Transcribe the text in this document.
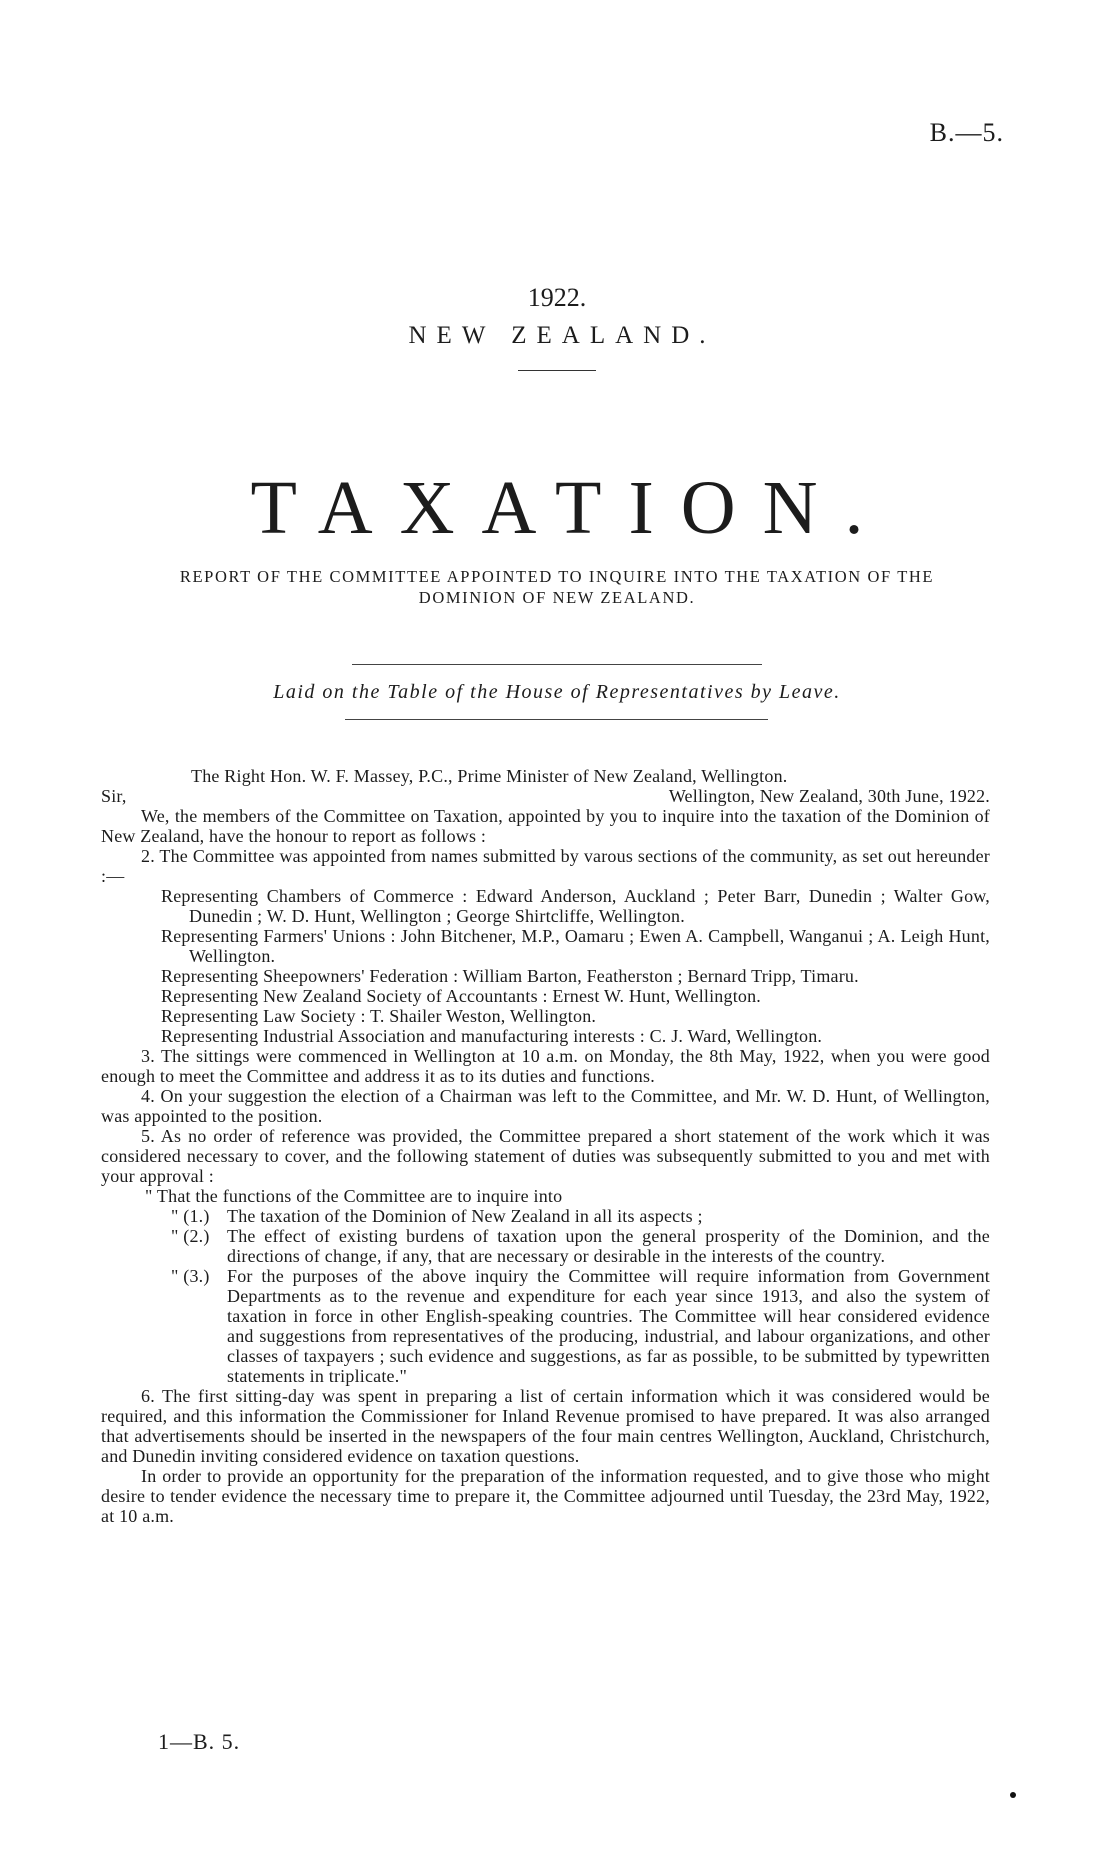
B.—5.
1922.
NEW ZEALAND.
TAXATION.
REPORT OF THE COMMITTEE APPOINTED TO INQUIRE INTO THE TAXATION OF THE DOMINION OF NEW ZEALAND.
Laid on the Table of the House of Representatives by Leave.

The Right Hon. W. F. Massey, P.C., Prime Minister of New Zealand, Wellington.

Sir,	Wellington, New Zealand, 30th June, 1922.

We, the members of the Committee on Taxation, appointed by you to inquire into the taxation of the Dominion of New Zealand, have the honour to report as follows :

2. The Committee was appointed from names submitted by varous sections of the community, as set out hereunder :—

Representing Chambers of Commerce : Edward Anderson, Auckland ; Peter Barr, Dunedin ; Walter Gow, Dunedin ; W. D. Hunt, Wellington ; George Shirtcliffe, Wellington.

Representing Farmers' Unions : John Bitchener, M.P., Oamaru ; Ewen A. Campbell, Wanganui ; A. Leigh Hunt, Wellington.

Representing Sheepowners' Federation : William Barton, Featherston ; Bernard Tripp, Timaru.

Representing New Zealand Society of Accountants : Ernest W. Hunt, Wellington.

Representing Law Society : T. Shailer Weston, Wellington.

Representing Industrial Association and manufacturing interests : C. J. Ward, Wellington.

3. The sittings were commenced in Wellington at 10 a.m. on Monday, the 8th May, 1922, when you were good enough to meet the Committee and address it as to its duties and functions.

4. On your suggestion the election of a Chairman was left to the Committee, and Mr. W. D. Hunt, of Wellington, was appointed to the position.

5. As no order of reference was provided, the Committee prepared a short statement of the work which it was considered necessary to cover, and the following statement of duties was subsequently submitted to you and met with your approval :

" That the functions of the Committee are to inquire into

" (1.) The taxation of the Dominion of New Zealand in all its aspects ;
" (2.) The effect of existing burdens of taxation upon the general prosperity of the Dominion, and the directions of change, if any, that are necessary or desirable in the interests of the country.
" (3.) For the purposes of the above inquiry the Committee will require information from Government Departments as to the revenue and expenditure for each year since 1913, and also the system of taxation in force in other English-speaking countries. The Committee will hear considered evidence and suggestions from representatives of the producing, industrial, and labour organizations, and other classes of taxpayers ; such evidence and suggestions, as far as possible, to be submitted by typewritten statements in triplicate."

6. The first sitting-day was spent in preparing a list of certain information which it was considered would be required, and this information the Commissioner for Inland Revenue promised to have prepared. It was also arranged that advertisements should be inserted in the newspapers of the four main centres Wellington, Auckland, Christchurch, and Dunedin inviting considered evidence on taxation questions.

In order to provide an opportunity for the preparation of the information requested, and to give those who might desire to tender evidence the necessary time to prepare it, the Committee adjourned until Tuesday, the 23rd May, 1922, at 10 a.m.

1—B. 5.
